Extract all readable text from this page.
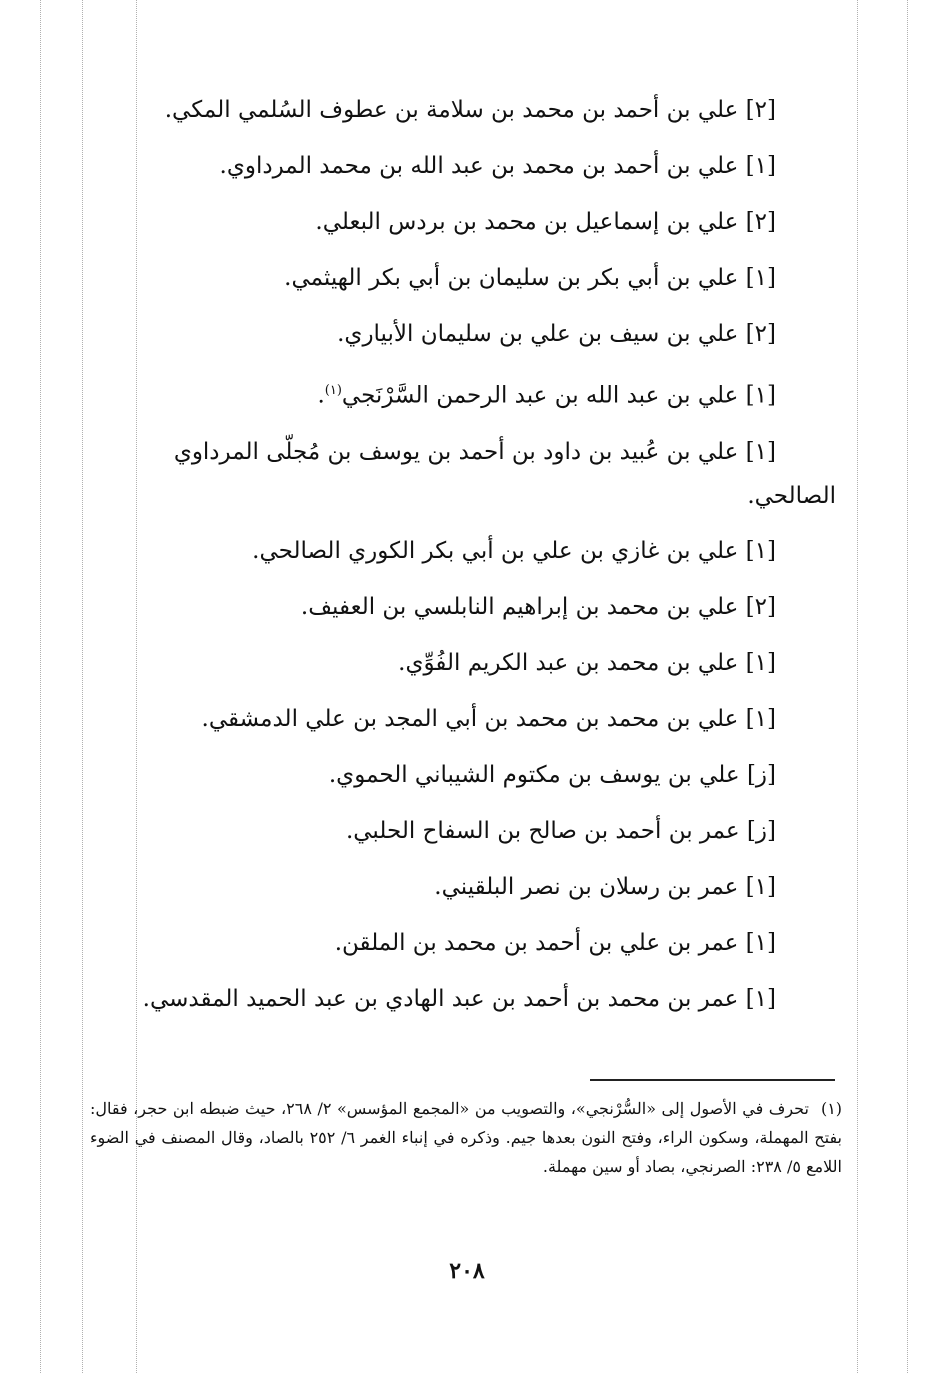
[٢] علي بن أحمد بن محمد بن سلامة بن عطوف السُلمي المكي.
[١] علي بن أحمد بن محمد بن عبد الله بن محمد المرداوي.
[٢] علي بن إسماعيل بن محمد بن بردس البعلي.
[١] علي بن أبي بكر بن سليمان بن أبي بكر الهيثمي.
[٢] علي بن سيف بن علي بن سليمان الأبياري.
[١] علي بن عبد الله بن عبد الرحمن السَّرْنَجي$^{(١)}$.
[١] علي بن عُبيد بن داود بن أحمد بن يوسف بن مُجلّى المرداوي الصالحي.
[١] علي بن غازي بن علي بن أبي بكر الكوري الصالحي.
[٢] علي بن محمد بن إبراهيم النابلسي بن العفيف.
[١] علي بن محمد بن عبد الكريم الفُوِّي.
[١] علي بن محمد بن محمد بن أبي المجد بن علي الدمشقي.
[ز] علي بن يوسف بن مكتوم الشيباني الحموي.
[ز] عمر بن أحمد بن صالح بن السفاح الحلبي.
[١] عمر بن رسلان بن نصر البلقيني.
[١] عمر بن علي بن أحمد بن محمد بن الملقن.
[١] عمر بن محمد بن أحمد بن عبد الهادي بن عبد الحميد المقدسي.
(١)تحرف في الأصول إلى «السُّرْنجي»، والتصويب من «المجمع المؤسس» ٢/ ٢٦٨، حيث ضبطه ابن حجر، فقال: بفتح المهملة، وسكون الراء، وفتح النون بعدها جيم. وذكره في إنباء الغمر ٦/ ٢٥٢ بالصاد، وقال المصنف في الضوء اللامع ٥/ ٢٣٨: الصرنجي، بصاد أو سين مهملة.
٢٠٨
